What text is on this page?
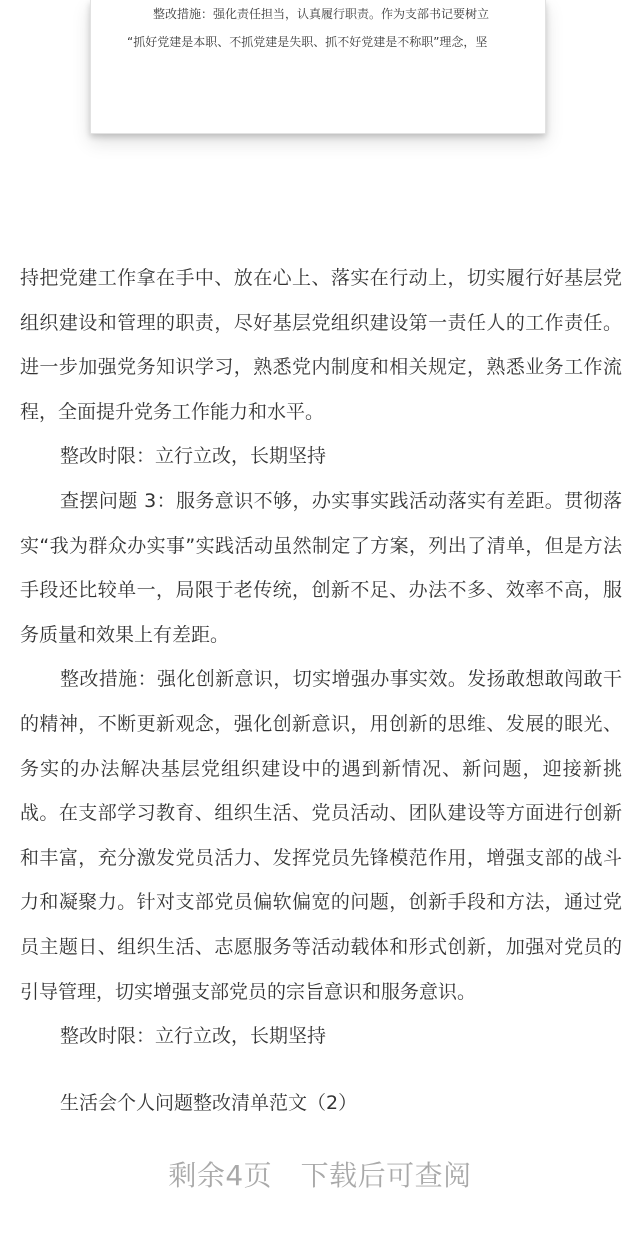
整改措施：强化责任担当，认真履行职责。作为支部书记要树立
“抓好党建是本职、不抓党建是失职、抓不好党建是不称职”理念，坚

持把党建工作拿在手中、放在心上、落实在行动上，切实履行好基层党组织建设和管理的职责，尽好基层党组织建设第一责任人的工作责任。进一步加强党务知识学习，熟悉党内制度和相关规定，熟悉业务工作流程，全面提升党务工作能力和水平。

整改时限：立行立改，长期坚持

查摆问题 3：服务意识不够，办实事实践活动落实有差距。贯彻落实“我为群众办实事”实践活动虽然制定了方案，列出了清单，但是方法手段还比较单一，局限于老传统，创新不足、办法不多、效率不高，服务质量和效果上有差距。

整改措施：强化创新意识，切实增强办事实效。发扬敢想敢闯敢干的精神，不断更新观念，强化创新意识，用创新的思维、发展的眼光、务实的办法解决基层党组织建设中的遇到新情况、新问题，迎接新挑战。在支部学习教育、组织生活、党员活动、团队建设等方面进行创新和丰富，充分激发党员活力、发挥党员先锋模范作用，增强支部的战斗力和凝聚力。针对支部党员偏软偏宽的问题，创新手段和方法，通过党员主题日、组织生活、志愿服务等活动载体和形式创新，加强对党员的引导管理，切实增强支部党员的宗旨意识和服务意识。

整改时限：立行立改，长期坚持

生活会个人问题整改清单范文（2）

剩余4页　下载后可查阅
